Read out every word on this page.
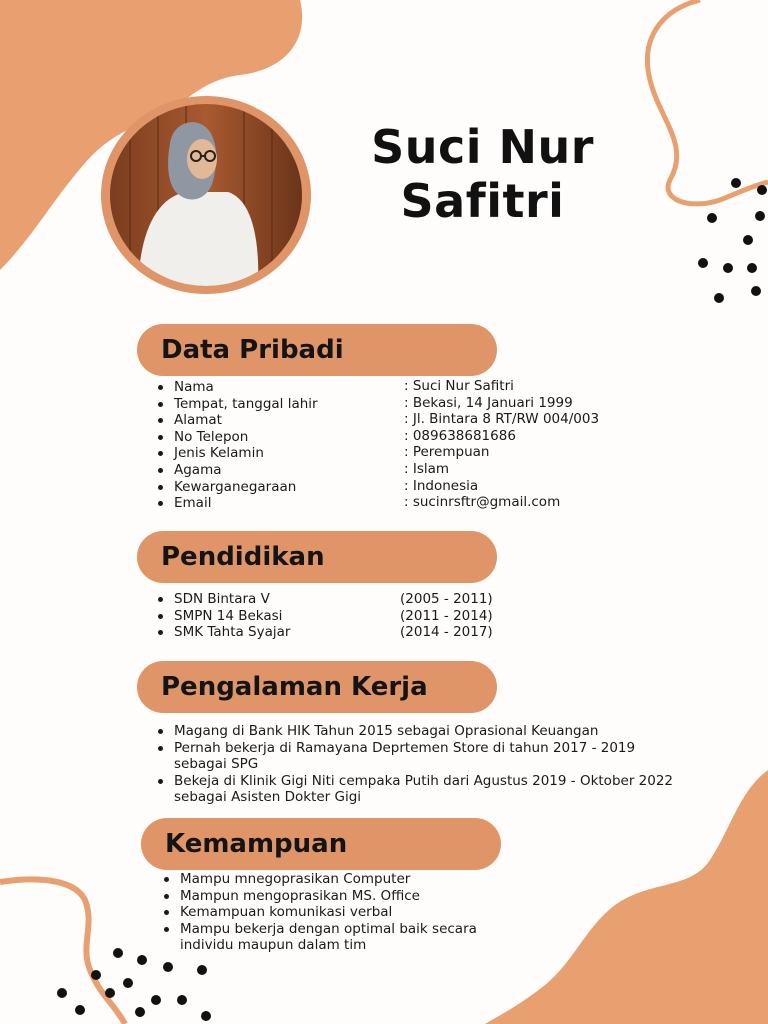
Suci Nur
Safitri
Data Pribadi
Nama
Tempat, tanggal lahir
Alamat
No Telepon
Jenis Kelamin
Agama
Kewarganegaraan
Email
: Suci Nur Safitri
: Bekasi, 14 Januari 1999
: Jl. Bintara 8 RT/RW 004/003
: 089638681686
: Perempuan
: Islam
: Indonesia
: sucinrsftr@gmail.com
Pendidikan
SDN Bintara V
SMPN 14 Bekasi
SMK Tahta Syajar
(2005 - 2011)
(2011 - 2014)
(2014 - 2017)
Pengalaman Kerja
Magang di Bank HIK Tahun 2015 sebagai Oprasional Keuangan
Pernah bekerja di Ramayana Deprtemen Store di tahun 2017 - 2019
sebagai SPG
Bekeja di Klinik Gigi Niti cempaka Putih dari Agustus 2019 - Oktober 2022
sebagai Asisten Dokter Gigi
Kemampuan
Mampu mnegoprasikan Computer
Mampun mengoprasikan MS. Office
Kemampuan komunikasi verbal
Mampu bekerja dengan optimal baik secara
individu maupun dalam tim
